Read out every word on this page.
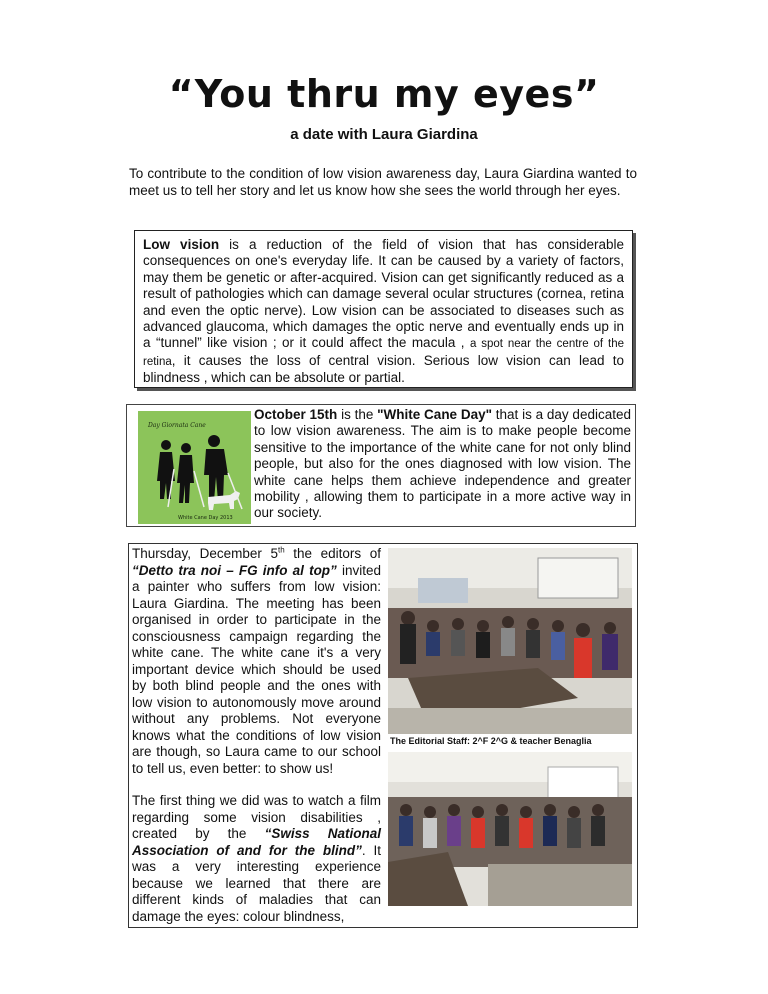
“You thru my eyes”
a date with Laura Giardina

To contribute to the condition of low vision awareness day, Laura Giardina wanted to meet us to tell her story and let us know how she sees the world through her eyes.

Low vision is a reduction of the field of vision that has considerable consequences on one's everyday life. It can be caused by a variety of factors, may them be genetic or after-acquired. Vision can get significantly reduced as a result of pathologies which can damage several ocular structures (cornea, retina and even the optic nerve). Low vision can be associated to diseases such as advanced glaucoma, which damages the optic nerve and eventually ends up in a “tunnel” like vision ; or it could affect the macula , a spot near the centre of the retina, it causes the loss of central vision. Serious low vision can lead to blindness , which can be absolute or partial.
Day Giornata Cane
White Cane Day 2013
October 15th is the "White Cane Day" that is a day dedicated to low vision awareness. The aim is to make people become sensitive to the importance of the white cane for not only blind people, but also for the ones diagnosed with low vision. The white cane helps them achieve independence and greater mobility , allowing them to participate in a more active way in our society.

Thursday, December 5th the editors of “Detto tra noi – FG info al top” invited a painter who suffers from low vision: Laura Giardina. The meeting has been organised in order to participate in the consciousness campaign regarding the white cane. The white cane it's a very important device which should be used by both blind people and the ones with low vision to autonomously move around without any problems. Not everyone knows what the conditions of low vision are though, so Laura came to our school to tell us, even better: to show us!

The first thing we did was to watch a film regarding some vision disabilities , created by the “Swiss National Association of and for the blind”. It was a very interesting experience because we learned that there are different kinds of maladies that can damage the eyes: colour blindness,

The Editorial Staff: 2^F 2^G & teacher Benaglia
